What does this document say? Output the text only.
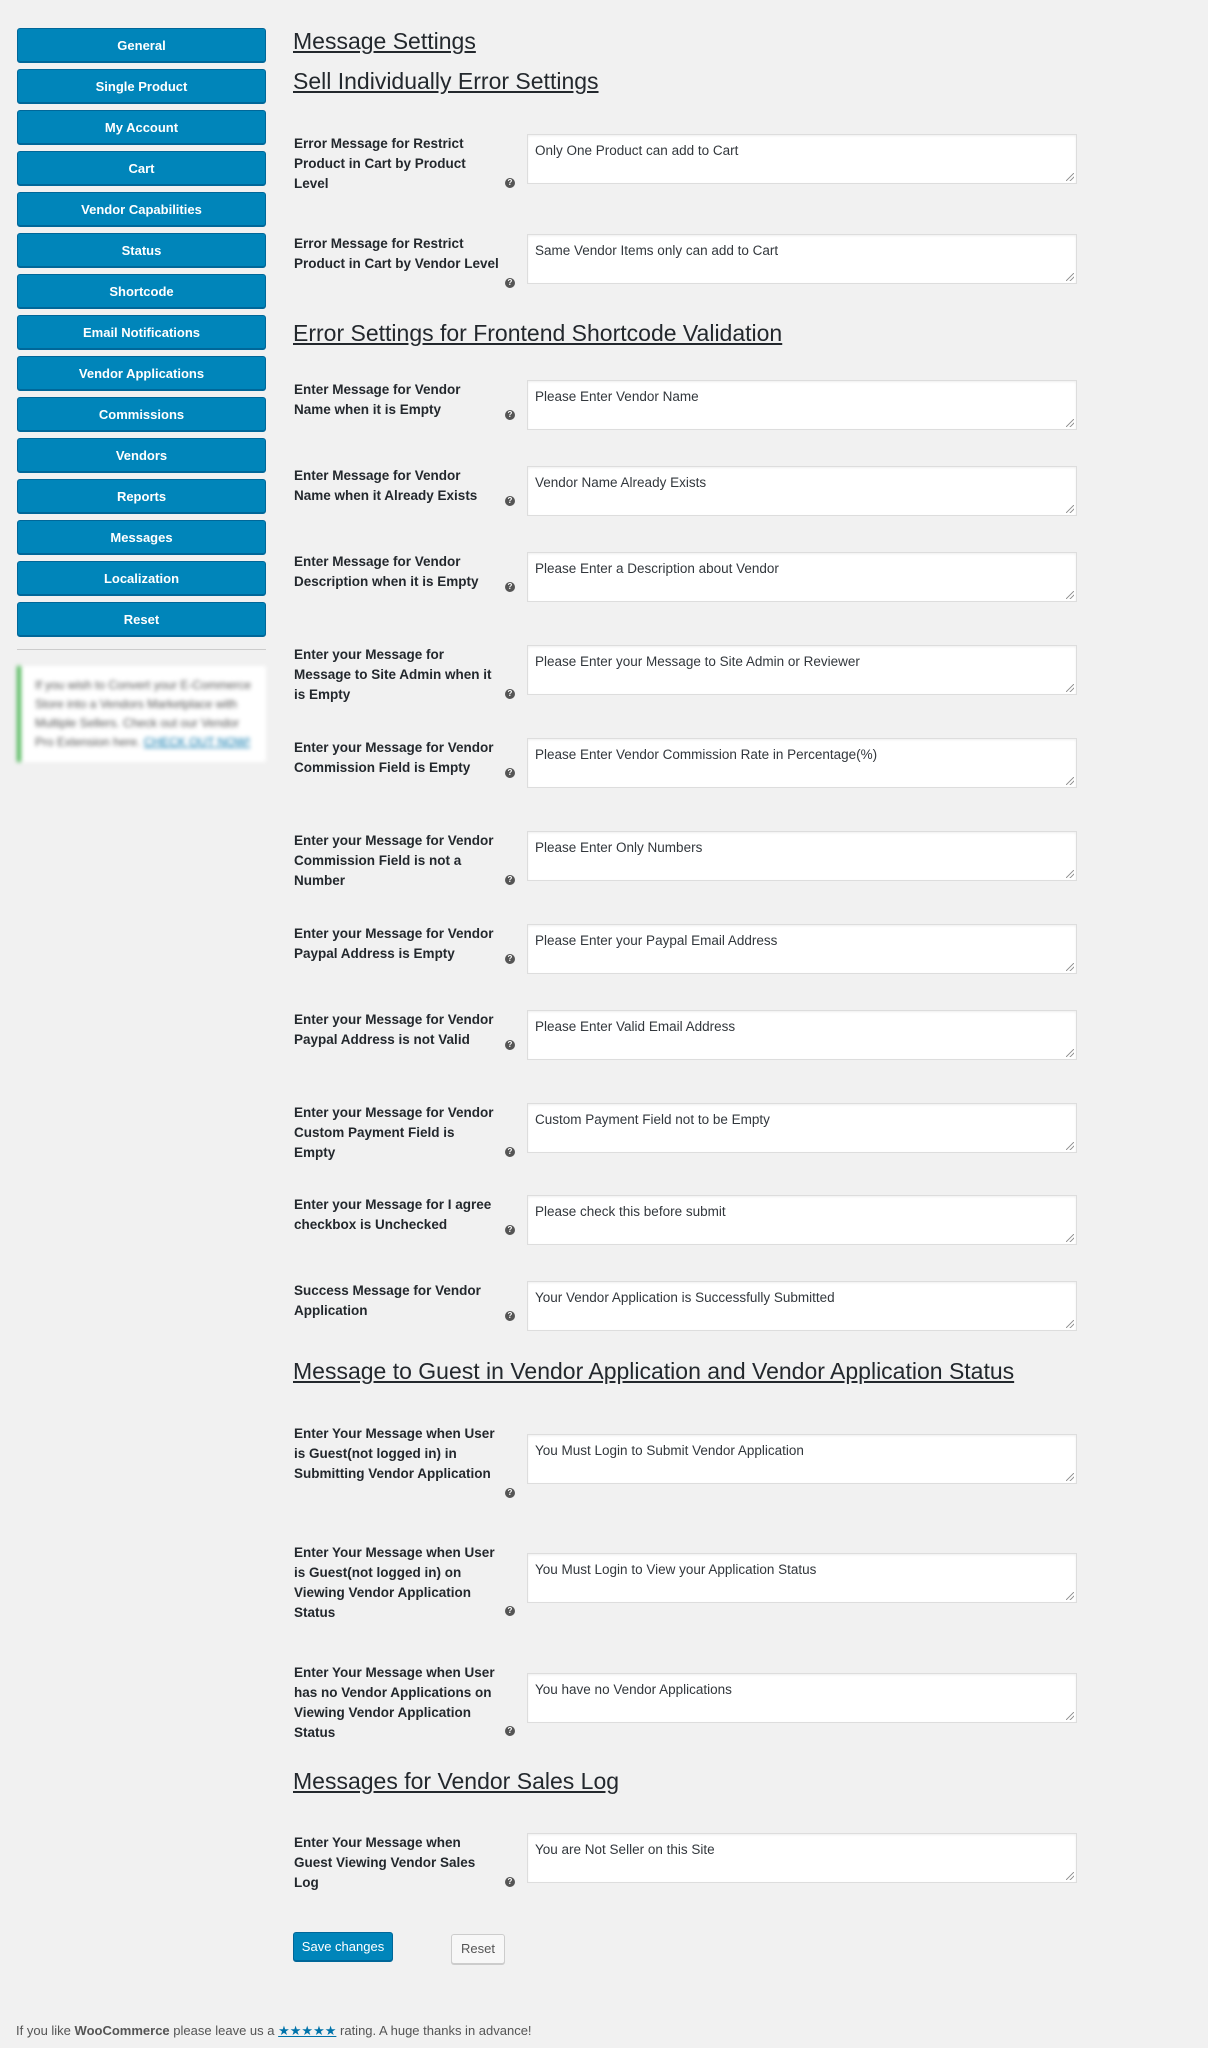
General
Single Product
My Account
Cart
Vendor Capabilities
Status
Shortcode
Email Notifications
Vendor Applications
Commissions
Vendors
Reports
Messages
Localization
Reset
If you wish to Convert your E-Commerce Store into a Vendors Marketplace with Multiple Sellers. Check out our Vendor Pro Extension here. CHECK OUT NOW!
Message Settings
Sell Individually Error Settings
Error Message for Restrict Product in Cart by Product Level	?
Only One Product can add to Cart
Error Message for Restrict Product in Cart by Vendor Level
?
Same Vendor Items only can add to Cart
Error Settings for Frontend Shortcode Validation
Enter Message for Vendor Name when it is Empty	?
Please Enter Vendor Name
Enter Message for Vendor Name when it Already Exists	?
Vendor Name Already Exists
Enter Message for Vendor Description when it is Empty	?
Please Enter a Description about Vendor
Enter your Message for Message to Site Admin when it is Empty	?
Please Enter your Message to Site Admin or Reviewer
Enter your Message for Vendor Commission Field is Empty	?
Please Enter Vendor Commission Rate in Percentage(%)
Enter your Message for Vendor Commission Field is not a Number	?
Please Enter Only Numbers
Enter your Message for Vendor Paypal Address is Empty	?
Please Enter your Paypal Email Address
Enter your Message for Vendor Paypal Address is not Valid	?
Please Enter Valid Email Address
Enter your Message for Vendor Custom Payment Field is Empty	?
Custom Payment Field not to be Empty
Enter your Message for I agree checkbox is Unchecked	?
Please check this before submit
Success Message for Vendor Application	?
Your Vendor Application is Successfully Submitted
Message to Guest in Vendor Application and Vendor Application Status
Enter Your Message when User is Guest(not logged in) in Submitting Vendor Application
?
You Must Login to Submit Vendor Application
Enter Your Message when User is Guest(not logged in) on Viewing Vendor Application Status	?
You Must Login to View your Application Status
Enter Your Message when User has no Vendor Applications on Viewing Vendor Application Status	?
You have no Vendor Applications
Messages for Vendor Sales Log
Enter Your Message when Guest Viewing Vendor Sales Log	?
You are Not Seller on this Site
Save changes	Reset
If you like WooCommerce please leave us a ★★★★★ rating. A huge thanks in advance!
